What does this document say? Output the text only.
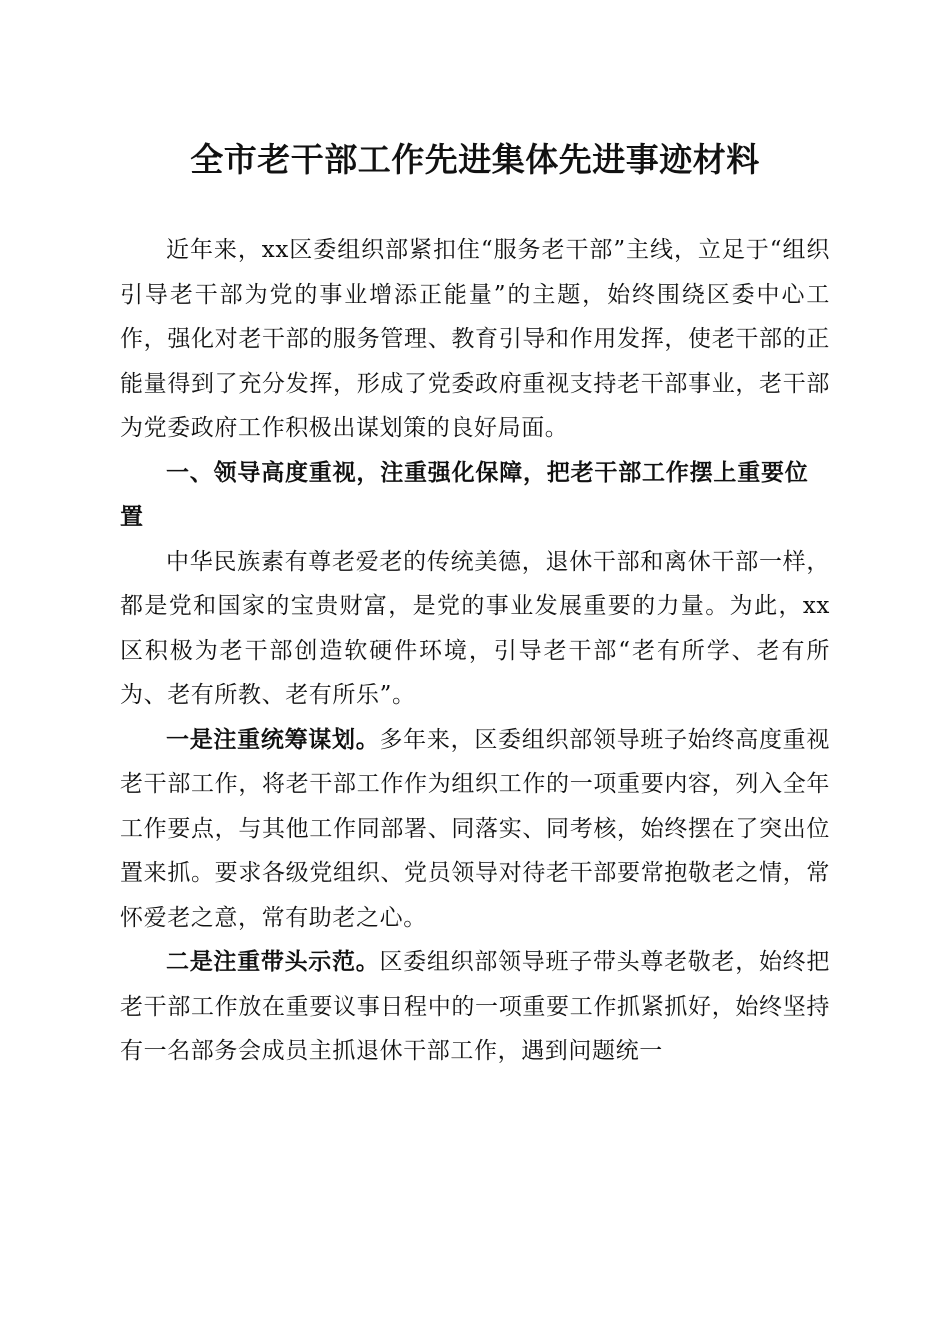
全市老干部工作先进集体先进事迹材料

近年来，xx区委组织部紧扣住“服务老干部”主线，立足于“组织引导老干部为党的事业增添正能量”的主题，始终围绕区委中心工作，强化对老干部的服务管理、教育引导和作用发挥，使老干部的正能量得到了充分发挥，形成了党委政府重视支持老干部事业，老干部为党委政府工作积极出谋划策的良好局面。

一、领导高度重视，注重强化保障，把老干部工作摆上重要位置

中华民族素有尊老爱老的传统美德，退休干部和离休干部一样，都是党和国家的宝贵财富，是党的事业发展重要的力量。为此，xx区积极为老干部创造软硬件环境，引导老干部“老有所学、老有所为、老有所教、老有所乐”。

一是注重统筹谋划。多年来，区委组织部领导班子始终高度重视老干部工作，将老干部工作作为组织工作的一项重要内容，列入全年工作要点，与其他工作同部署、同落实、同考核，始终摆在了突出位置来抓。要求各级党组织、党员领导对待老干部要常抱敬老之情，常怀爱老之意，常有助老之心。

二是注重带头示范。区委组织部领导班子带头尊老敬老，始终把老干部工作放在重要议事日程中的一项重要工作抓紧抓好，始终坚持有一名部务会成员主抓退休干部工作，遇到问题统一
